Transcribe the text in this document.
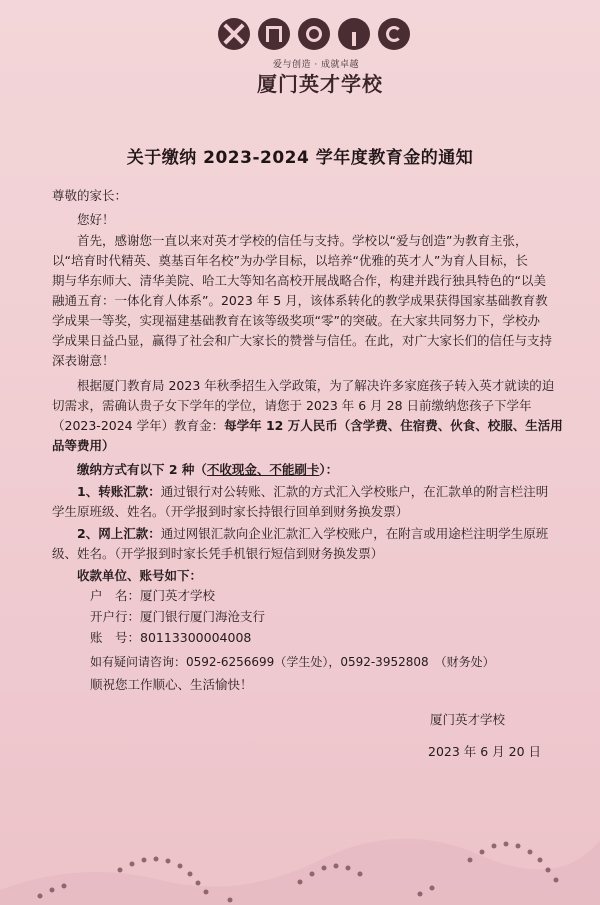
爱与创造 · 成就卓越
厦门英才学校
关于缴纳 2023-2024 学年度教育金的通知
尊敬的家长：
您好！
首先，感谢您一直以来对英才学校的信任与支持。学校以“爱与创造”为教育主张，
以“培育时代精英、奠基百年名校”为办学目标，以培养“优雅的英才人”为育人目标，长
期与华东师大、清华美院、哈工大等知名高校开展战略合作，构建并践行独具特色的“以美
融通五育：一体化育人体系”。2023 年 5 月，该体系转化的教学成果获得国家基础教育教
学成果一等奖，实现福建基础教育在该等级奖项“零”的突破。在大家共同努力下，学校办
学成果日益凸显，赢得了社会和广大家长的赞誉与信任。在此，对广大家长们的信任与支持
深表谢意！
根据厦门教育局 2023 年秋季招生入学政策，为了解决许多家庭孩子转入英才就读的迫
切需求，需确认贵子女下学年的学位，请您于 2023 年 6 月 28 日前缴纳您孩子下学年
（2023-2024 学年）教育金：每学年 12 万人民币（含学费、住宿费、伙食、校服、生活用
品等费用）
缴纳方式有以下 2 种（不收现金、不能刷卡）：
1、转账汇款：通过银行对公转账、汇款的方式汇入学校账户，在汇款单的附言栏注明
学生原班级、姓名。（开学报到时家长持银行回单到财务换发票）
2、网上汇款：通过网银汇款向企业汇款汇入学校账户，在附言或用途栏注明学生原班
级、姓名。（开学报到时家长凭手机银行短信到财务换发票）
收款单位、账号如下：
户　名：厦门英才学校
开户行：厦门银行厦门海沧支行
账　号：80113300004008
如有疑问请咨询：0592-6256699（学生处），0592-3952808　（财务处）
顺祝您工作顺心、生活愉快！
厦门英才学校
2023 年 6 月 20 日
